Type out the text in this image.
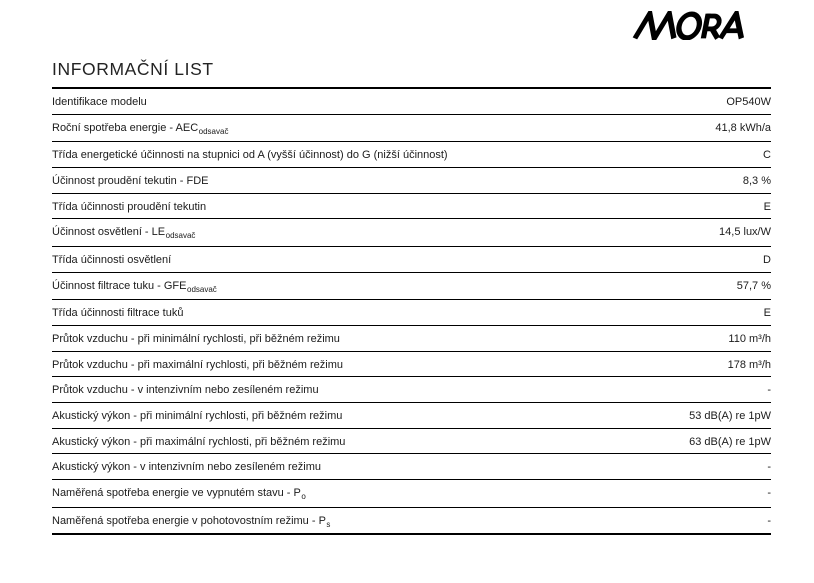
INFORMAČNÍ LIST
Identifikace modelu	OP540W
Roční spotřeba energie - $AEC_{odsavač}$	41,8 kWh/a
Třída energetické účinnosti na stupnici od A (vyšší účinnost) do G (nižší účinnost)	C
Účinnost proudění tekutin - FDE	8,3 %
Třída účinnosti proudění tekutin	E
Účinnost osvětlení - $LE_{odsavač}$	14,5 lux/W
Třída účinnosti osvětlení	D
Účinnost filtrace tuku - $GFE_{odsavač}$	57,7 %
Třída účinnosti filtrace tuků	E
Průtok vzduchu - při minimální rychlosti, při běžném režimu	110 m³/h
Průtok vzduchu - při maximální rychlosti, při běžném režimu	178 m³/h
Průtok vzduchu - v intenzivním nebo zesíleném režimu	-
Akustický výkon - při minimální rychlosti, při běžném režimu	53 dB(A) re 1pW
Akustický výkon - při maximální rychlosti, při běžném režimu	63 dB(A) re 1pW
Akustický výkon - v intenzivním nebo zesíleném režimu	-
Naměřená spotřeba energie ve vypnutém stavu - $P_o$	-
Naměřená spotřeba energie v pohotovostním režimu - $P_s$	-
